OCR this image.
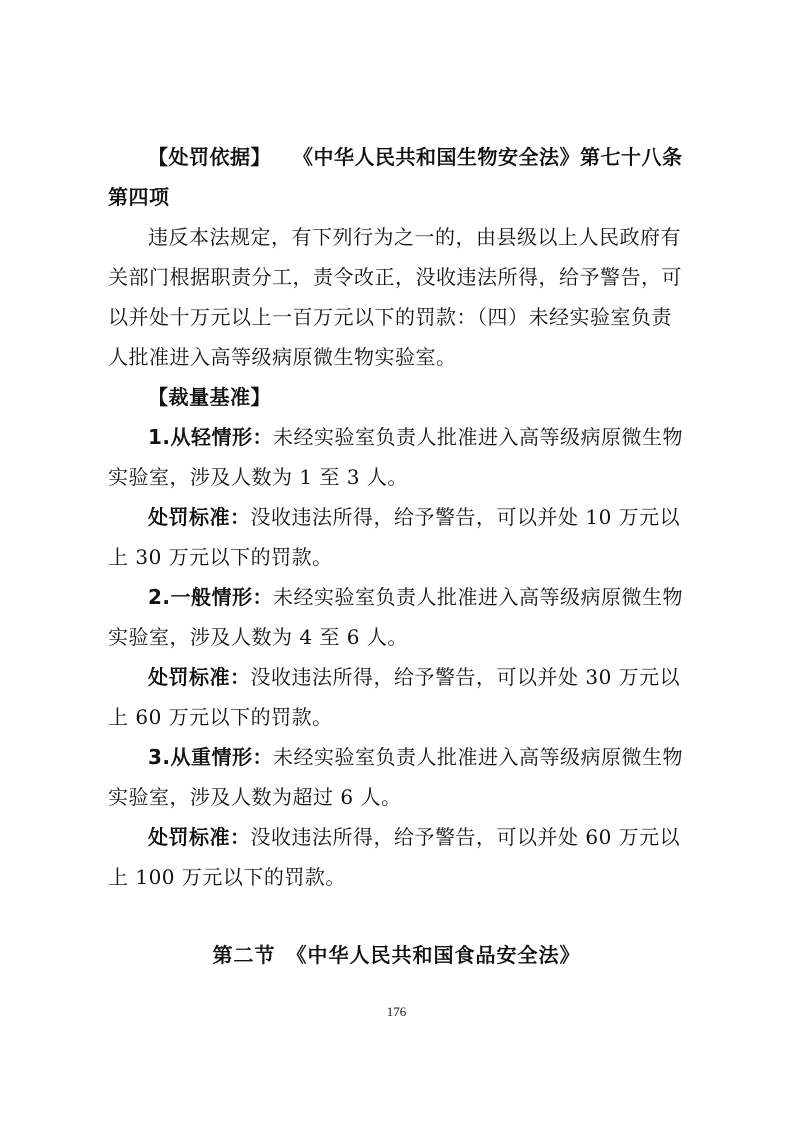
【处罚依据】 《中华人民共和国生物安全法》第七十八条
第四项
违反本法规定，有下列行为之一的，由县级以上人民政府有
关部门根据职责分工，责令改正，没收违法所得，给予警告，可
以并处十万元以上一百万元以下的罚款：（四）未经实验室负责
人批准进入高等级病原微生物实验室。
【裁量基准】
1.从轻情形：未经实验室负责人批准进入高等级病原微生物
实验室，涉及人数为 1 至 3 人。
处罚标准：没收违法所得，给予警告，可以并处 10 万元以
上 30 万元以下的罚款。
2.一般情形：未经实验室负责人批准进入高等级病原微生物
实验室，涉及人数为 4 至 6 人。
处罚标准：没收违法所得，给予警告，可以并处 30 万元以
上 60 万元以下的罚款。
3.从重情形：未经实验室负责人批准进入高等级病原微生物
实验室，涉及人数为超过 6 人。
处罚标准：没收违法所得，给予警告，可以并处 60 万元以
上 100 万元以下的罚款。
第二节　《中华人民共和国食品安全法》
176
